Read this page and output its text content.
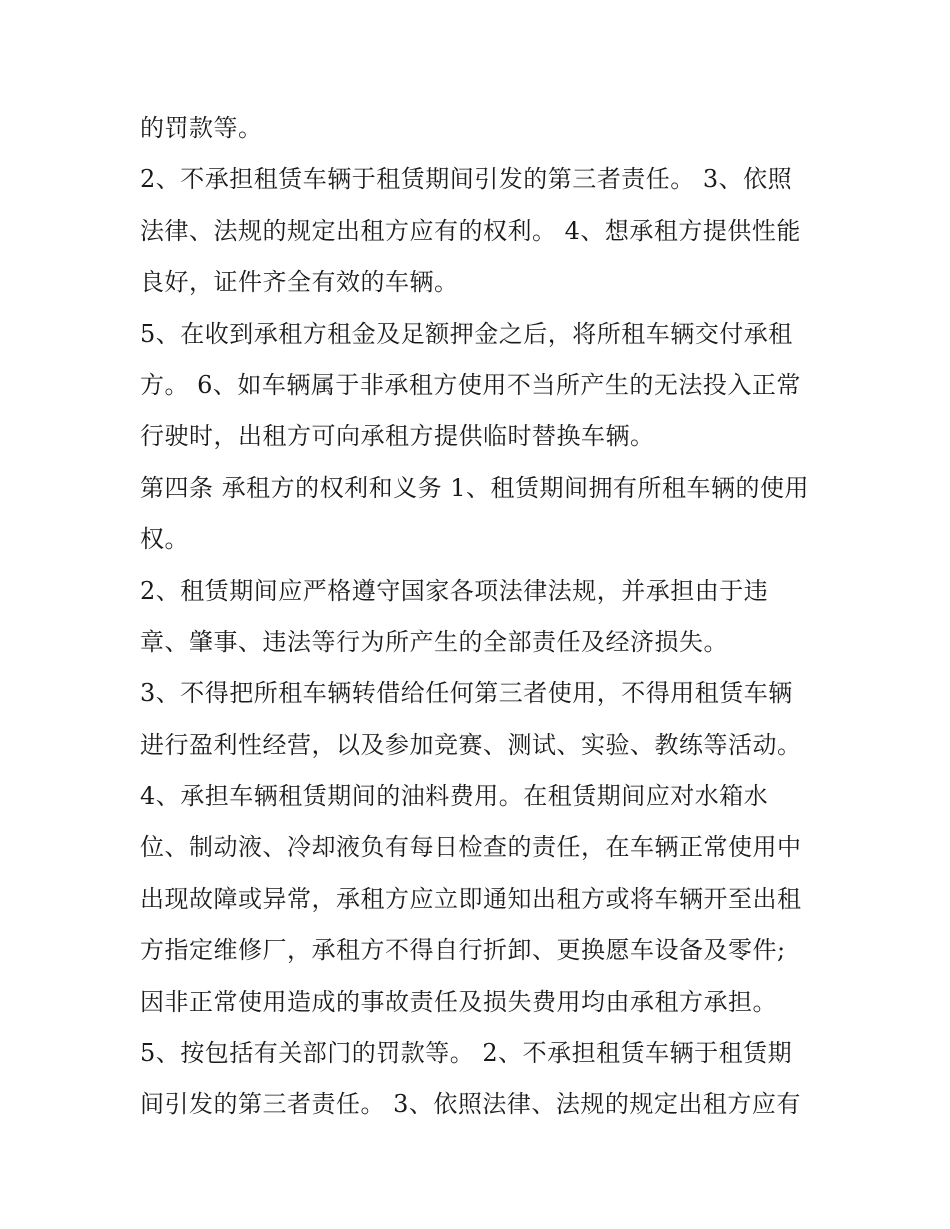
的罚款等。
2、不承担租赁车辆于租赁期间引发的第三者责任。 3、依照
法律、法规的规定出租方应有的权利。 4、想承租方提供性能
良好，证件齐全有效的车辆。
5、在收到承租方租金及足额押金之后，将所租车辆交付承租
方。 6、如车辆属于非承租方使用不当所产生的无法投入正常
行驶时，出租方可向承租方提供临时替换车辆。
第四条 承租方的权利和义务 1、租赁期间拥有所租车辆的使用
权。
2、租赁期间应严格遵守国家各项法律法规，并承担由于违
章、肇事、违法等行为所产生的全部责任及经济损失。
3、不得把所租车辆转借给任何第三者使用，不得用租赁车辆
进行盈利性经营，以及参加竞赛、测试、实验、教练等活动。
4、承担车辆租赁期间的油料费用。在租赁期间应对水箱水
位、制动液、冷却液负有每日检查的责任，在车辆正常使用中
出现故障或异常，承租方应立即通知出租方或将车辆开至出租
方指定维修厂，承租方不得自行折卸、更换愿车设备及零件;
因非正常使用造成的事故责任及损失费用均由承租方承担。
5、按包括有关部门的罚款等。 2、不承担租赁车辆于租赁期
间引发的第三者责任。 3、依照法律、法规的规定出租方应有
